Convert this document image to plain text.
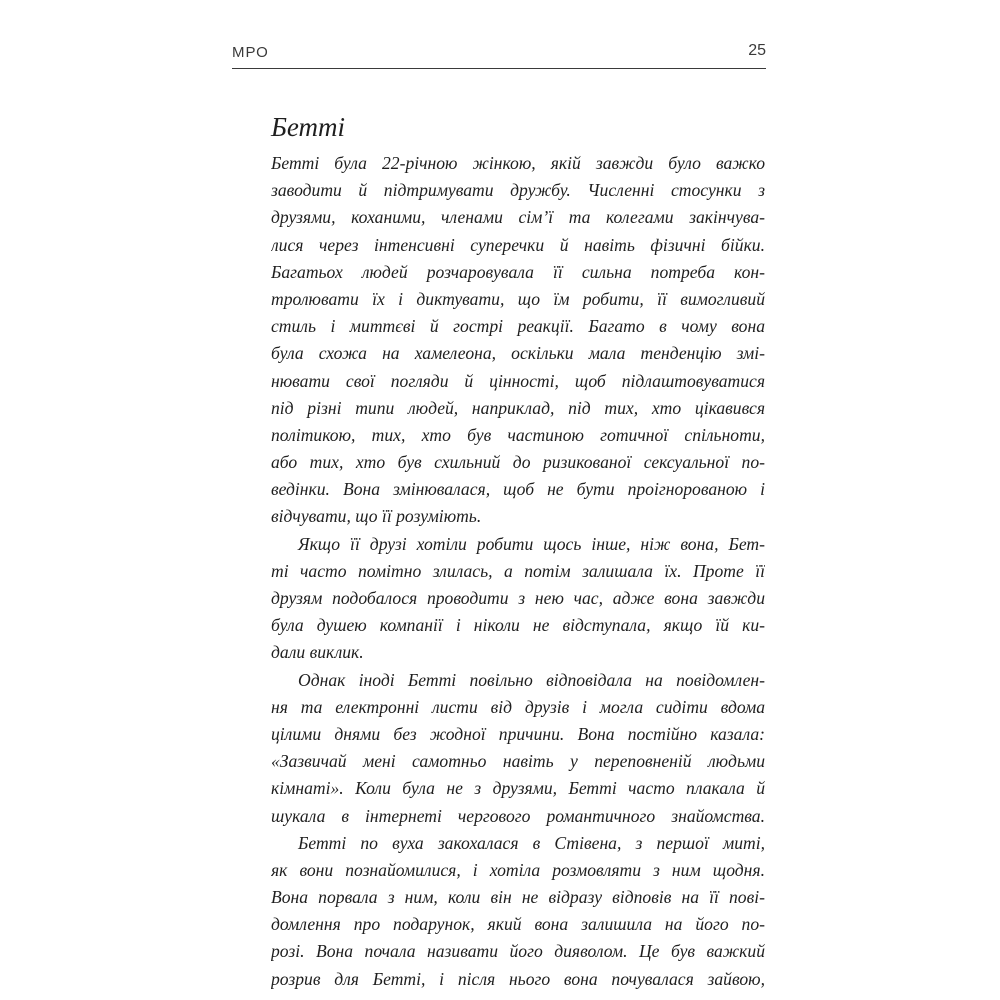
МРО	25
Бетті
Бетті була 22-річною жінкою, якій завжди було важко
заводити й підтримувати дружбу. Численні стосунки з
друзями, коханими, членами сім’ї та колегами закінчува-
лися через інтенсивні суперечки й навіть фізичні бійки.
Багатьох людей розчаровувала її сильна потреба кон-
тролювати їх і диктувати, що їм робити, її вимогливий
стиль і миттєві й гострі реакції. Багато в чому вона
була схожа на хамелеона, оскільки мала тенденцію змі-
нювати свої погляди й цінності, щоб підлаштовуватися
під різні типи людей, наприклад, під тих, хто цікавився
політикою, тих, хто був частиною готичної спільноти,
або тих, хто був схильний до ризикованої сексуальної по-
ведінки. Вона змінювалася, щоб не бути проігнорованою і
відчувати, що її розуміють.
Якщо її друзі хотіли робити щось інше, ніж вона, Бет-
ті часто помітно злилась, а потім залишала їх. Проте її
друзям подобалося проводити з нею час, адже вона завжди
була душею компанії і ніколи не відступала, якщо їй ки-
дали виклик.
Однак іноді Бетті повільно відповідала на повідомлен-
ня та електронні листи від друзів і могла сидіти вдома
цілими днями без жодної причини. Вона постійно казала:
«Зазвичай мені самотньо навіть у переповненій людьми
кімнаті». Коли була не з друзями, Бетті часто плакала й
шукала в інтернеті чергового романтичного знайомства.
Бетті по вуха закохалася в Стівена, з першої миті,
як вони познайомилися, і хотіла розмовляти з ним щодня.
Вона порвала з ним, коли він не відразу відповів на її пові-
домлення про подарунок, який вона залишила на його по-
розі. Вона почала називати його дияволом. Це був важкий
розрив для Бетті, і після нього вона почувалася зайвою,
